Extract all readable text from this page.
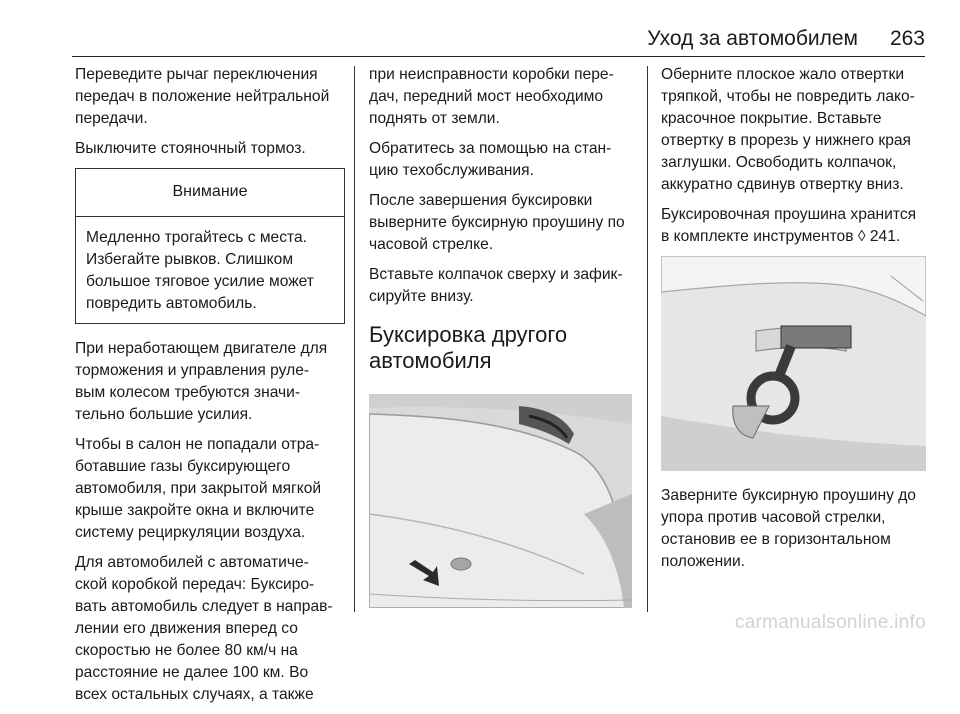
Уход за автомобилем 263

Переведите рычаг переключения
передач в положение нейтральной
передачи.

Выключите стояночный тормоз.

Внимание
Медленно трогайтесь с места.
Избегайте рывков. Слишком
большое тяговое усилие может
повредить автомобиль.

При неработающем двигателе для
торможения и управления руле-
вым колесом требуются значи-
тельно большие усилия.

Чтобы в салон не попадали отра-
ботавшие газы буксирующего
автомобиля, при закрытой мягкой
крыше закройте окна и включите
систему рециркуляции воздуха.

Для автомобилей с автоматиче-
ской коробкой передач: Буксиро-
вать автомобиль следует в направ-
лении его движения вперед со
скоростью не более 80 км/ч на
расстояние не далее 100 км. Во
всех остальных случаях, а также

при неисправности коробки пере-
дач, передний мост необходимо
поднять от земли.

Обратитесь за помощью на стан-
цию техобслуживания.

После завершения буксировки
выверните буксирную проушину по
часовой стрелке.

Вставьте колпачок сверху и зафик-
сируйте внизу.

Буксировка другого
автомобиля

Оберните плоское жало отвертки
тряпкой, чтобы не повредить лако-
красочное покрытие. Вставьте
отвертку в прорезь у нижнего края
заглушки. Освободить колпачок,
аккуратно сдвинув отвертку вниз.

Буксировочная проушина хранится
в комплекте инструментов ◊ 241.

Заверните буксирную проушину до
упора против часовой стрелки,
остановив ее в горизонтальном
положении.

carmanualsonline.info
